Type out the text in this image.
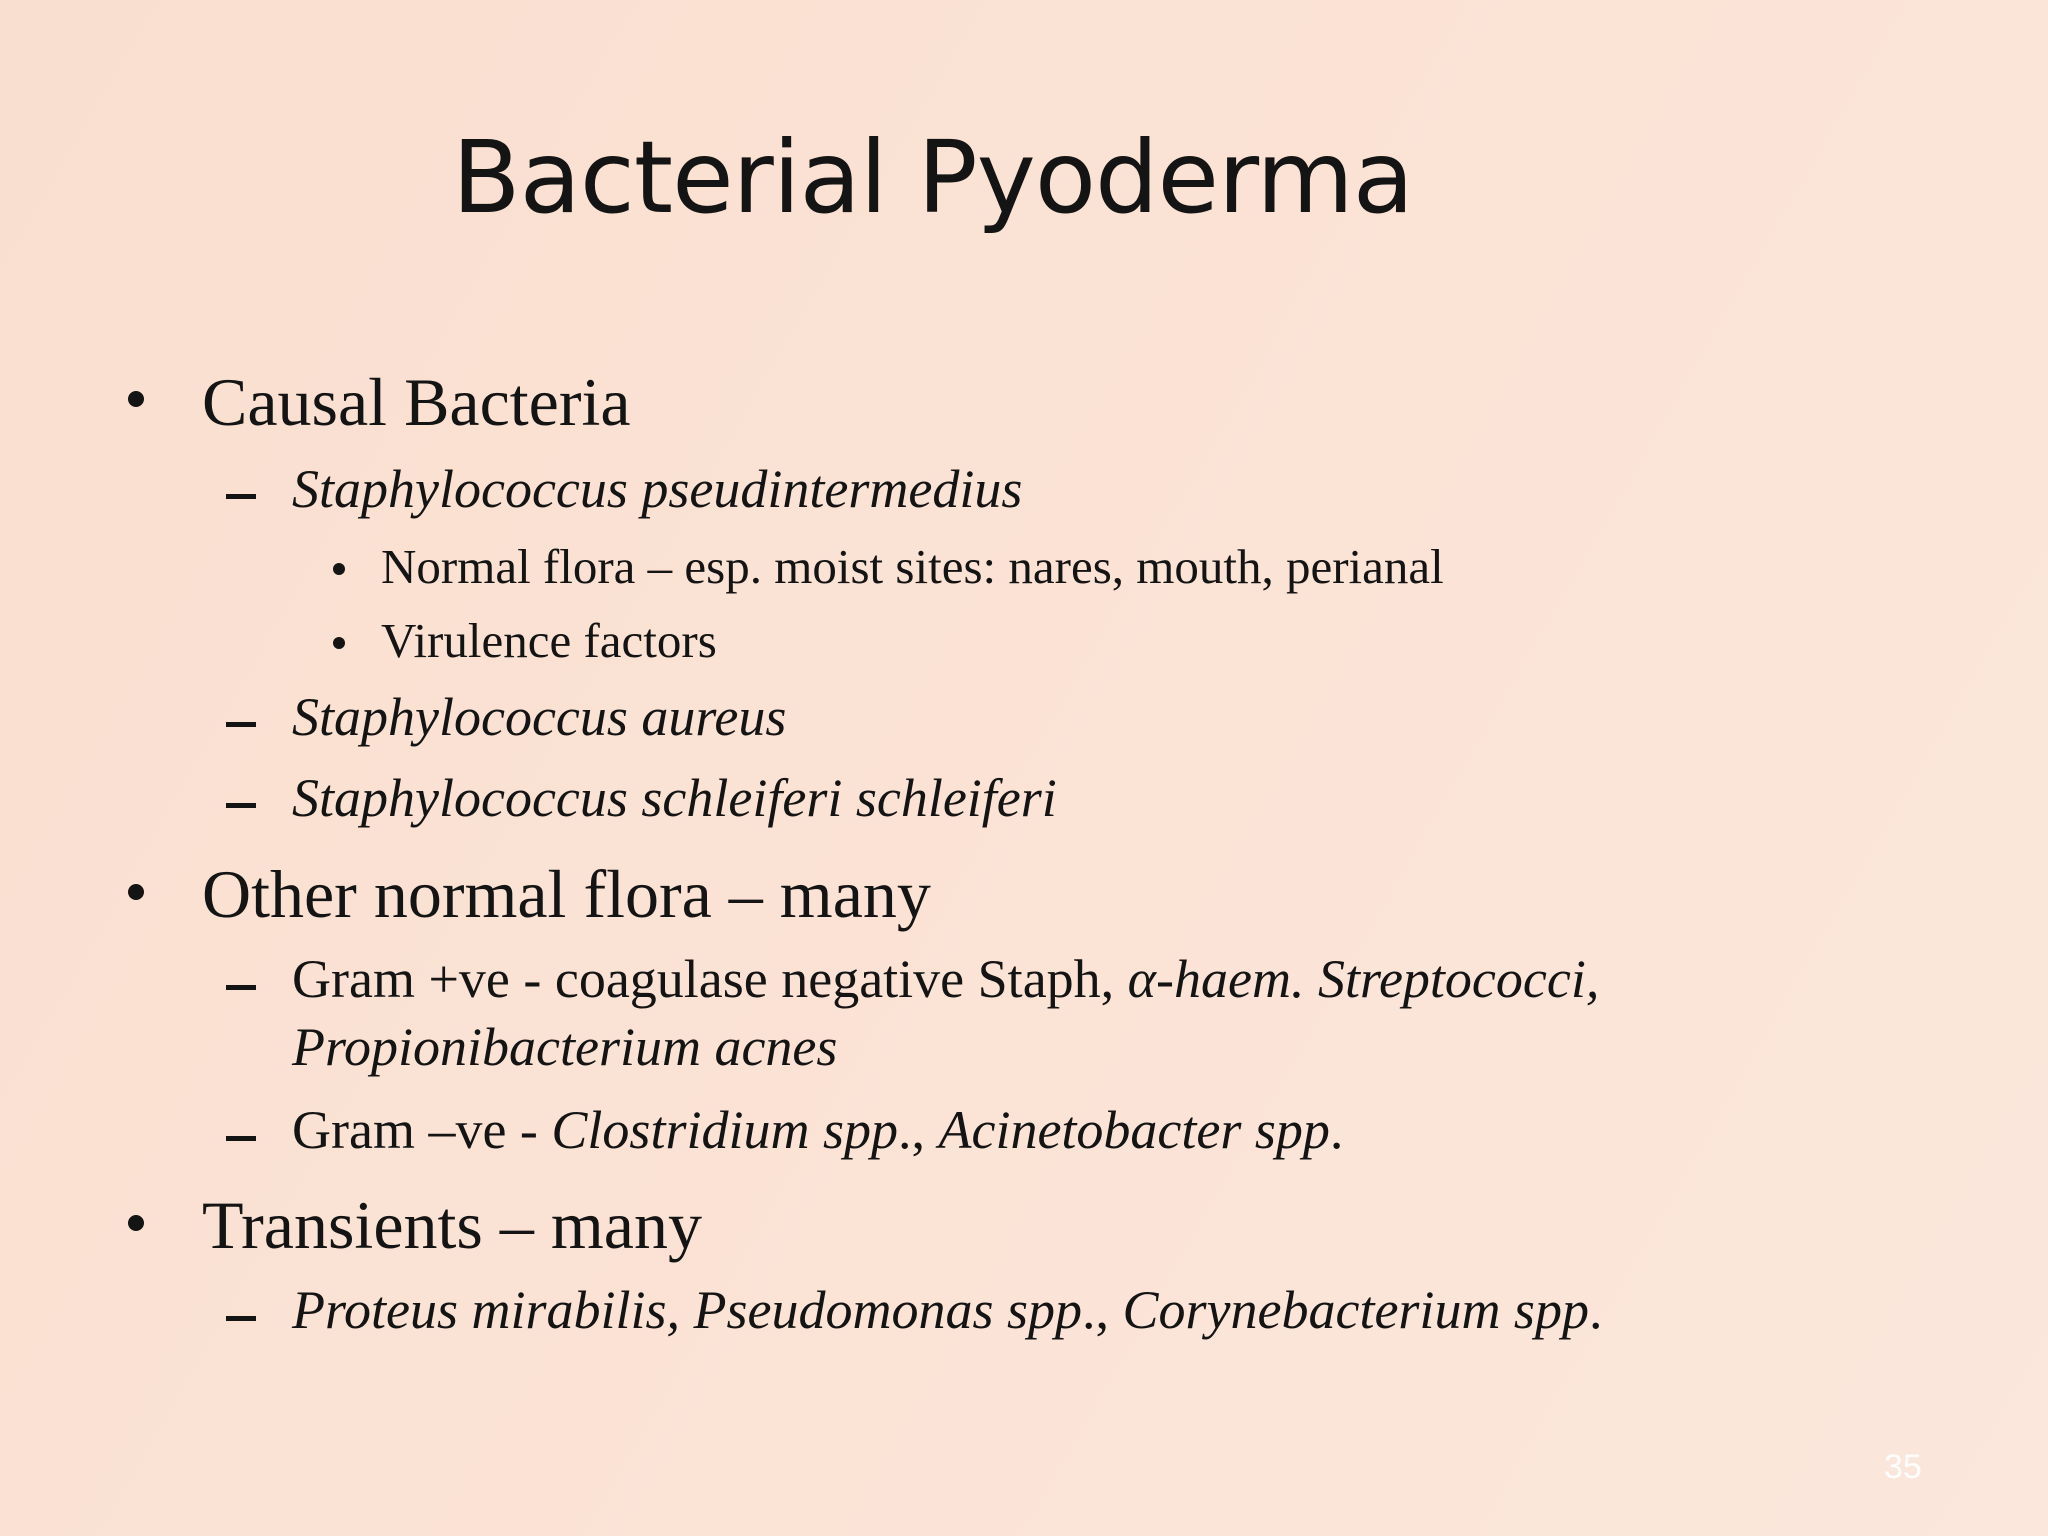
Bacterial Pyoderma
Causal Bacteria
Staphylococcus pseudintermedius
Normal flora – esp. moist sites: nares, mouth, perianal
Virulence factors
Staphylococcus aureus
Staphylococcus schleiferi schleiferi
Other normal flora – many
Gram +ve - coagulase negative Staph, α-haem. Streptococci,
Propionibacterium acnes
Gram –ve - Clostridium spp., Acinetobacter spp.
Transients – many
Proteus mirabilis, Pseudomonas spp., Corynebacterium spp.
35
